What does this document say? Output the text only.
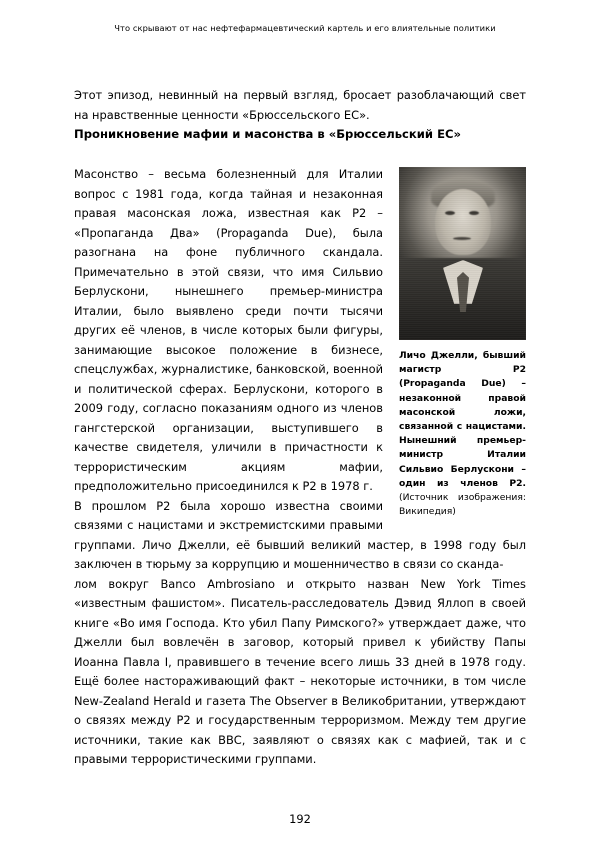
Что скрывают от нас нефтефармацевтический картель и его влиятельные политики

Этот эпизод, невинный на первый взгляд, бросает разоблачающий свет на нравственные ценности «Брюссельского ЕС».

Проникновение мафии и масонства в «Брюссельский ЕС»
Личо Джелли, бывший магистр Р2 (Propaganda Due) – незаконной правой масонской ложи, связанной с нацистами. Нынешний премьер-министр Италии Сильвио Берлускони – один из членов Р2. (Источник изображения: Википедия)

Масонство – весьма болезненный для Италии вопрос с 1981 года, когда тайная и незаконная правая масонская ложа, известная как Р2 – «Пропаганда Два» (Propaganda Due), была разогнана на фоне публичного скандала. Примечательно в этой связи, что имя Сильвио Берлускони, нынешнего премьер-министра Италии, было выявлено среди почти тысячи других её членов, в числе которых были фигуры, занимающие высокое положение в бизнесе, спецслужбах, журналистике, банковской, военной и политической сферах. Берлускони, которого в 2009 году, согласно показаниям одного из членов гангстерской организации, выступившего в качестве свидетеля, уличили в причастности к террористическим акциям мафии, предположительно присоединился к Р2 в 1978 г.

В прошлом Р2 была хорошо известна своими связями с нацистами и экстремистскими правыми группами. Личо Джелли, её бывший великий мастер, в 1998 году был заключен в тюрьму за коррупцию и мошенничество в связи со сканда-

лом вокруг Banco Ambrosiano и открыто назван New York Times «известным фашистом». Писатель-расследователь Дэвид Яллоп в своей книге «Во имя Господа. Кто убил Папу Римского?» утверждает даже, что Джелли был вовлечён в заговор, который привел к убийству Папы Иоанна Павла I, правившего в течение всего лишь 33 дней в 1978 году. Ещё более настораживающий факт – некоторые источники, в том числе New-Zealand Herald и газета The Observer в Великобритании, утверждают о связях между Р2 и государственным терроризмом. Между тем другие источники, такие как ВВС, заявляют о связях как с мафией, так и с правыми террористическими группами.

192
